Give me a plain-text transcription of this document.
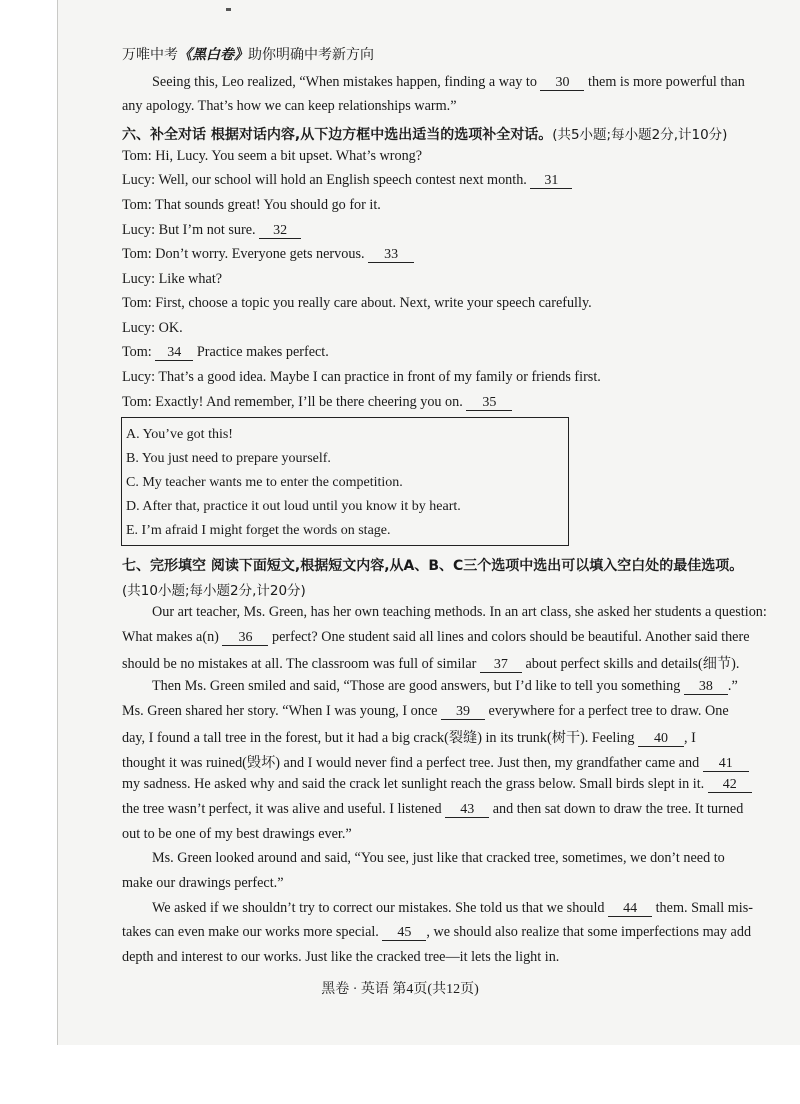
万唯中考《黑白卷》助你明确中考新方向
Seeing this, Leo realized, “When mistakes happen, finding a way to 30 them is more powerful than
any apology. That’s how we can keep relationships warm.”
六、补全对话 根据对话内容,从下边方框中选出适当的选项补全对话。(共5小题;每小题2分,计10分)
Tom: Hi, Lucy. You seem a bit upset. What’s wrong?
Lucy: Well, our school will hold an English speech contest next month. 31
Tom: That sounds great! You should go for it.
Lucy: But I’m not sure. 32
Tom: Don’t worry. Everyone gets nervous. 33
Lucy: Like what?
Tom: First, choose a topic you really care about. Next, write your speech carefully.
Lucy: OK.
Tom: 34 Practice makes perfect.
Lucy: That’s a good idea. Maybe I can practice in front of my family or friends first.
Tom: Exactly! And remember, I’ll be there cheering you on. 35
A. You’ve got this!
B. You just need to prepare yourself.
C. My teacher wants me to enter the competition.
D. After that, practice it out loud until you know it by heart.
E. I’m afraid I might forget the words on stage.
七、完形填空 阅读下面短文,根据短文内容,从A、B、C三个选项中选出可以填入空白处的最佳选项。
(共10小题;每小题2分,计20分)
Our art teacher, Ms. Green, has her own teaching methods. In an art class, she asked her students a question:
What makes a(n) 36 perfect? One student said all lines and colors should be beautiful. Another said there
should be no mistakes at all. The classroom was full of similar 37 about perfect skills and details(细节).
Then Ms. Green smiled and said, “Those are good answers, but I’d like to tell you something 38 .”
Ms. Green shared her story. “When I was young, I once 39 everywhere for a perfect tree to draw. One
day, I found a tall tree in the forest, but it had a big crack(裂缝) in its trunk(树干). Feeling 40 , I
thought it was ruined(毁坏) and I would never find a perfect tree. Just then, my grandfather came and 41
my sadness. He asked why and said the crack let sunlight reach the grass below. Small birds slept in it. 42
the tree wasn’t perfect, it was alive and useful. I listened 43 and then sat down to draw the tree. It turned
out to be one of my best drawings ever.”
Ms. Green looked around and said, “You see, just like that cracked tree, sometimes, we don’t need to
make our drawings perfect.”
We asked if we shouldn’t try to correct our mistakes. She told us that we should 44 them. Small mis-
takes can even make our works more special. 45 , we should also realize that some imperfections may add
depth and interest to our works. Just like the cracked tree—it lets the light in.
黑卷 · 英语 第4页(共12页)
